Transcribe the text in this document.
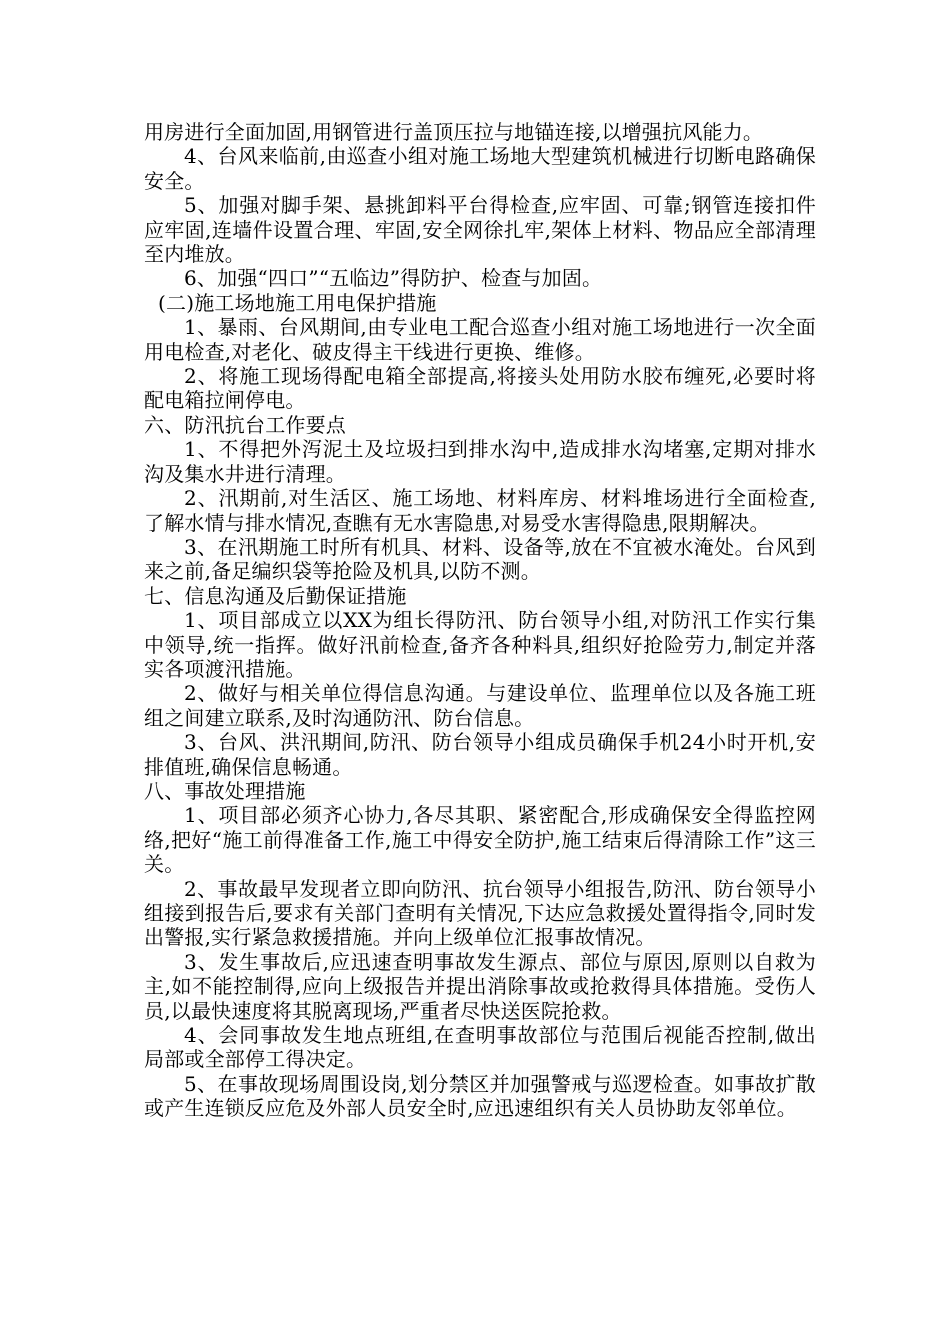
用房进行全面加固,用钢管进行盖顶压拉与地锚连接,以增强抗风能力。

4、台风来临前,由巡查小组对施工场地大型建筑机械进行切断电路确保安全。

5、加强对脚手架、悬挑卸料平台得检查,应牢固、可靠;钢管连接扣件应牢固,连墙件设置合理、牢固,安全网徐扎牢,架体上材料、物品应全部清理至内堆放。

6、加强“四口”“五临边”得防护、检查与加固。

(二)施工场地施工用电保护措施

1、暴雨、台风期间,由专业电工配合巡查小组对施工场地进行一次全面用电检查,对老化、破皮得主干线进行更换、维修。

2、将施工现场得配电箱全部提高,将接头处用防水胶布缠死,必要时将配电箱拉闸停电。

六、防汛抗台工作要点

1、不得把外泻泥土及垃圾扫到排水沟中,造成排水沟堵塞,定期对排水沟及集水井进行清理。

2、汛期前,对生活区、施工场地、材料库房、材料堆场进行全面检查,了解水情与排水情况,查瞧有无水害隐患,对易受水害得隐患,限期解决。

3、在汛期施工时所有机具、材料、设备等,放在不宜被水淹处。台风到来之前,备足编织袋等抢险及机具,以防不测。

七、信息沟通及后勤保证措施

1、项目部成立以XX为组长得防汛、防台领导小组,对防汛工作实行集中领导,统一指挥。做好汛前检查,备齐各种料具,组织好抢险劳力,制定并落实各项渡汛措施。

2、做好与相关单位得信息沟通。与建设单位、监理单位以及各施工班组之间建立联系,及时沟通防汛、防台信息。

3、台风、洪汛期间,防汛、防台领导小组成员确保手机24小时开机,安排值班,确保信息畅通。

八、事故处理措施

1、项目部必须齐心协力,各尽其职、紧密配合,形成确保安全得监控网络,把好“施工前得准备工作,施工中得安全防护,施工结束后得清除工作”这三关。

2、事故最早发现者立即向防汛、抗台领导小组报告,防汛、防台领导小组接到报告后,要求有关部门查明有关情况,下达应急救援处置得指令,同时发出警报,实行紧急救援措施。并向上级单位汇报事故情况。

3、发生事故后,应迅速查明事故发生源点、部位与原因,原则以自救为主,如不能控制得,应向上级报告并提出消除事故或抢救得具体措施。受伤人员,以最快速度将其脱离现场,严重者尽快送医院抢救。

4、会同事故发生地点班组,在查明事故部位与范围后视能否控制,做出局部或全部停工得决定。

5、在事故现场周围设岗,划分禁区并加强警戒与巡逻检查。如事故扩散或产生连锁反应危及外部人员安全时,应迅速组织有关人员协助友邻单位。
